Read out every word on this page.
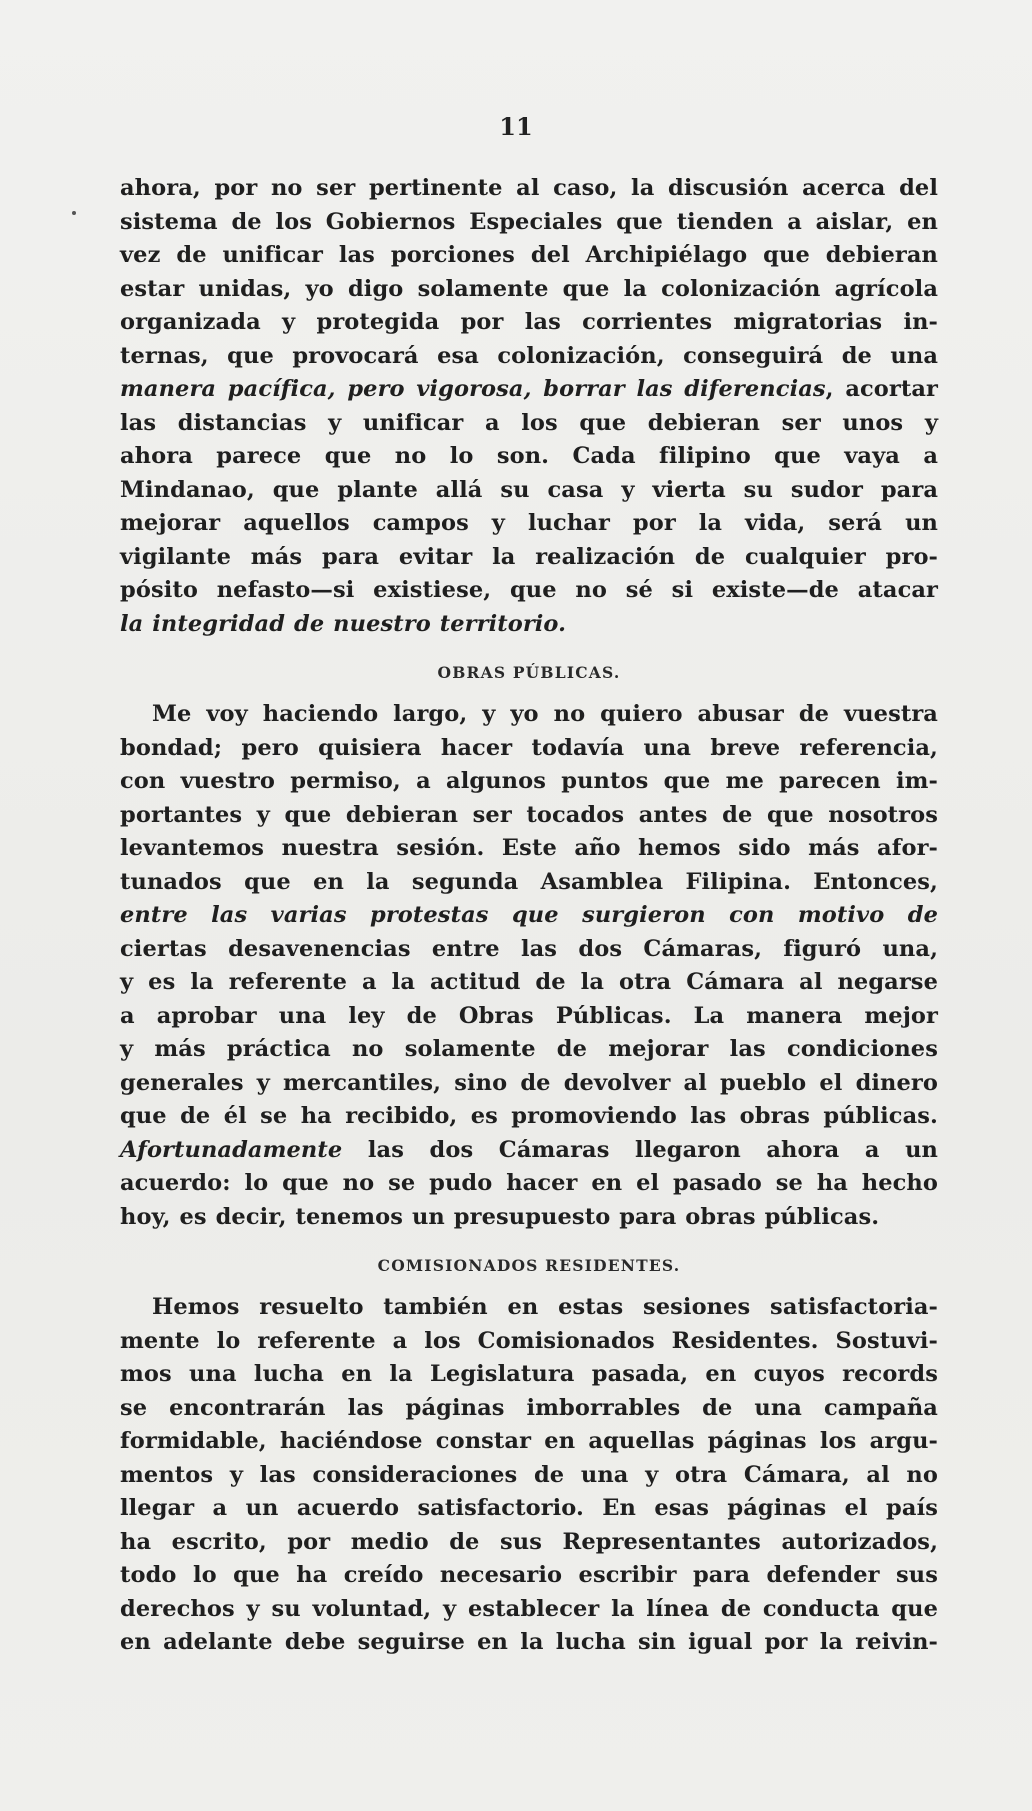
11

ahora, por no ser pertinente al caso, la discusión acerca del
sistema de los Gobiernos Especiales que tienden a aislar, en
vez de unificar las porciones del Archipiélago que debieran
estar unidas, yo digo solamente que la colonización agrícola
organizada y protegida por las corrientes migratorias in-
ternas, que provocará esa colonización, conseguirá de una
manera pacífica, pero vigorosa, borrar las diferencias, acortar
las distancias y unificar a los que debieran ser unos y
ahora parece que no lo son. Cada filipino que vaya a
Mindanao, que plante allá su casa y vierta su sudor para
mejorar aquellos campos y luchar por la vida, será un
vigilante más para evitar la realización de cualquier pro-
pósito nefasto—si existiese, que no sé si existe—de atacar
la integridad de nuestro territorio.

OBRAS PÚBLICAS.

Me voy haciendo largo, y yo no quiero abusar de vuestra
bondad; pero quisiera hacer todavía una breve referencia,
con vuestro permiso, a algunos puntos que me parecen im-
portantes y que debieran ser tocados antes de que nosotros
levantemos nuestra sesión. Este año hemos sido más afor-
tunados que en la segunda Asamblea Filipina. Entonces,
entre las varias protestas que surgieron con motivo de
ciertas desavenencias entre las dos Cámaras, figuró una,
y es la referente a la actitud de la otra Cámara al negarse
a aprobar una ley de Obras Públicas. La manera mejor
y más práctica no solamente de mejorar las condiciones
generales y mercantiles, sino de devolver al pueblo el dinero
que de él se ha recibido, es promoviendo las obras públicas.
Afortunadamente las dos Cámaras llegaron ahora a un
acuerdo: lo que no se pudo hacer en el pasado se ha hecho
hoy, es decir, tenemos un presupuesto para obras públicas.

COMISIONADOS RESIDENTES.

Hemos resuelto también en estas sesiones satisfactoria-
mente lo referente a los Comisionados Residentes. Sostuvi-
mos una lucha en la Legislatura pasada, en cuyos records
se encontrarán las páginas imborrables de una campaña
formidable, haciéndose constar en aquellas páginas los argu-
mentos y las consideraciones de una y otra Cámara, al no
llegar a un acuerdo satisfactorio. En esas páginas el país
ha escrito, por medio de sus Representantes autorizados,
todo lo que ha creído necesario escribir para defender sus
derechos y su voluntad, y establecer la línea de conducta que
en adelante debe seguirse en la lucha sin igual por la reivin-
